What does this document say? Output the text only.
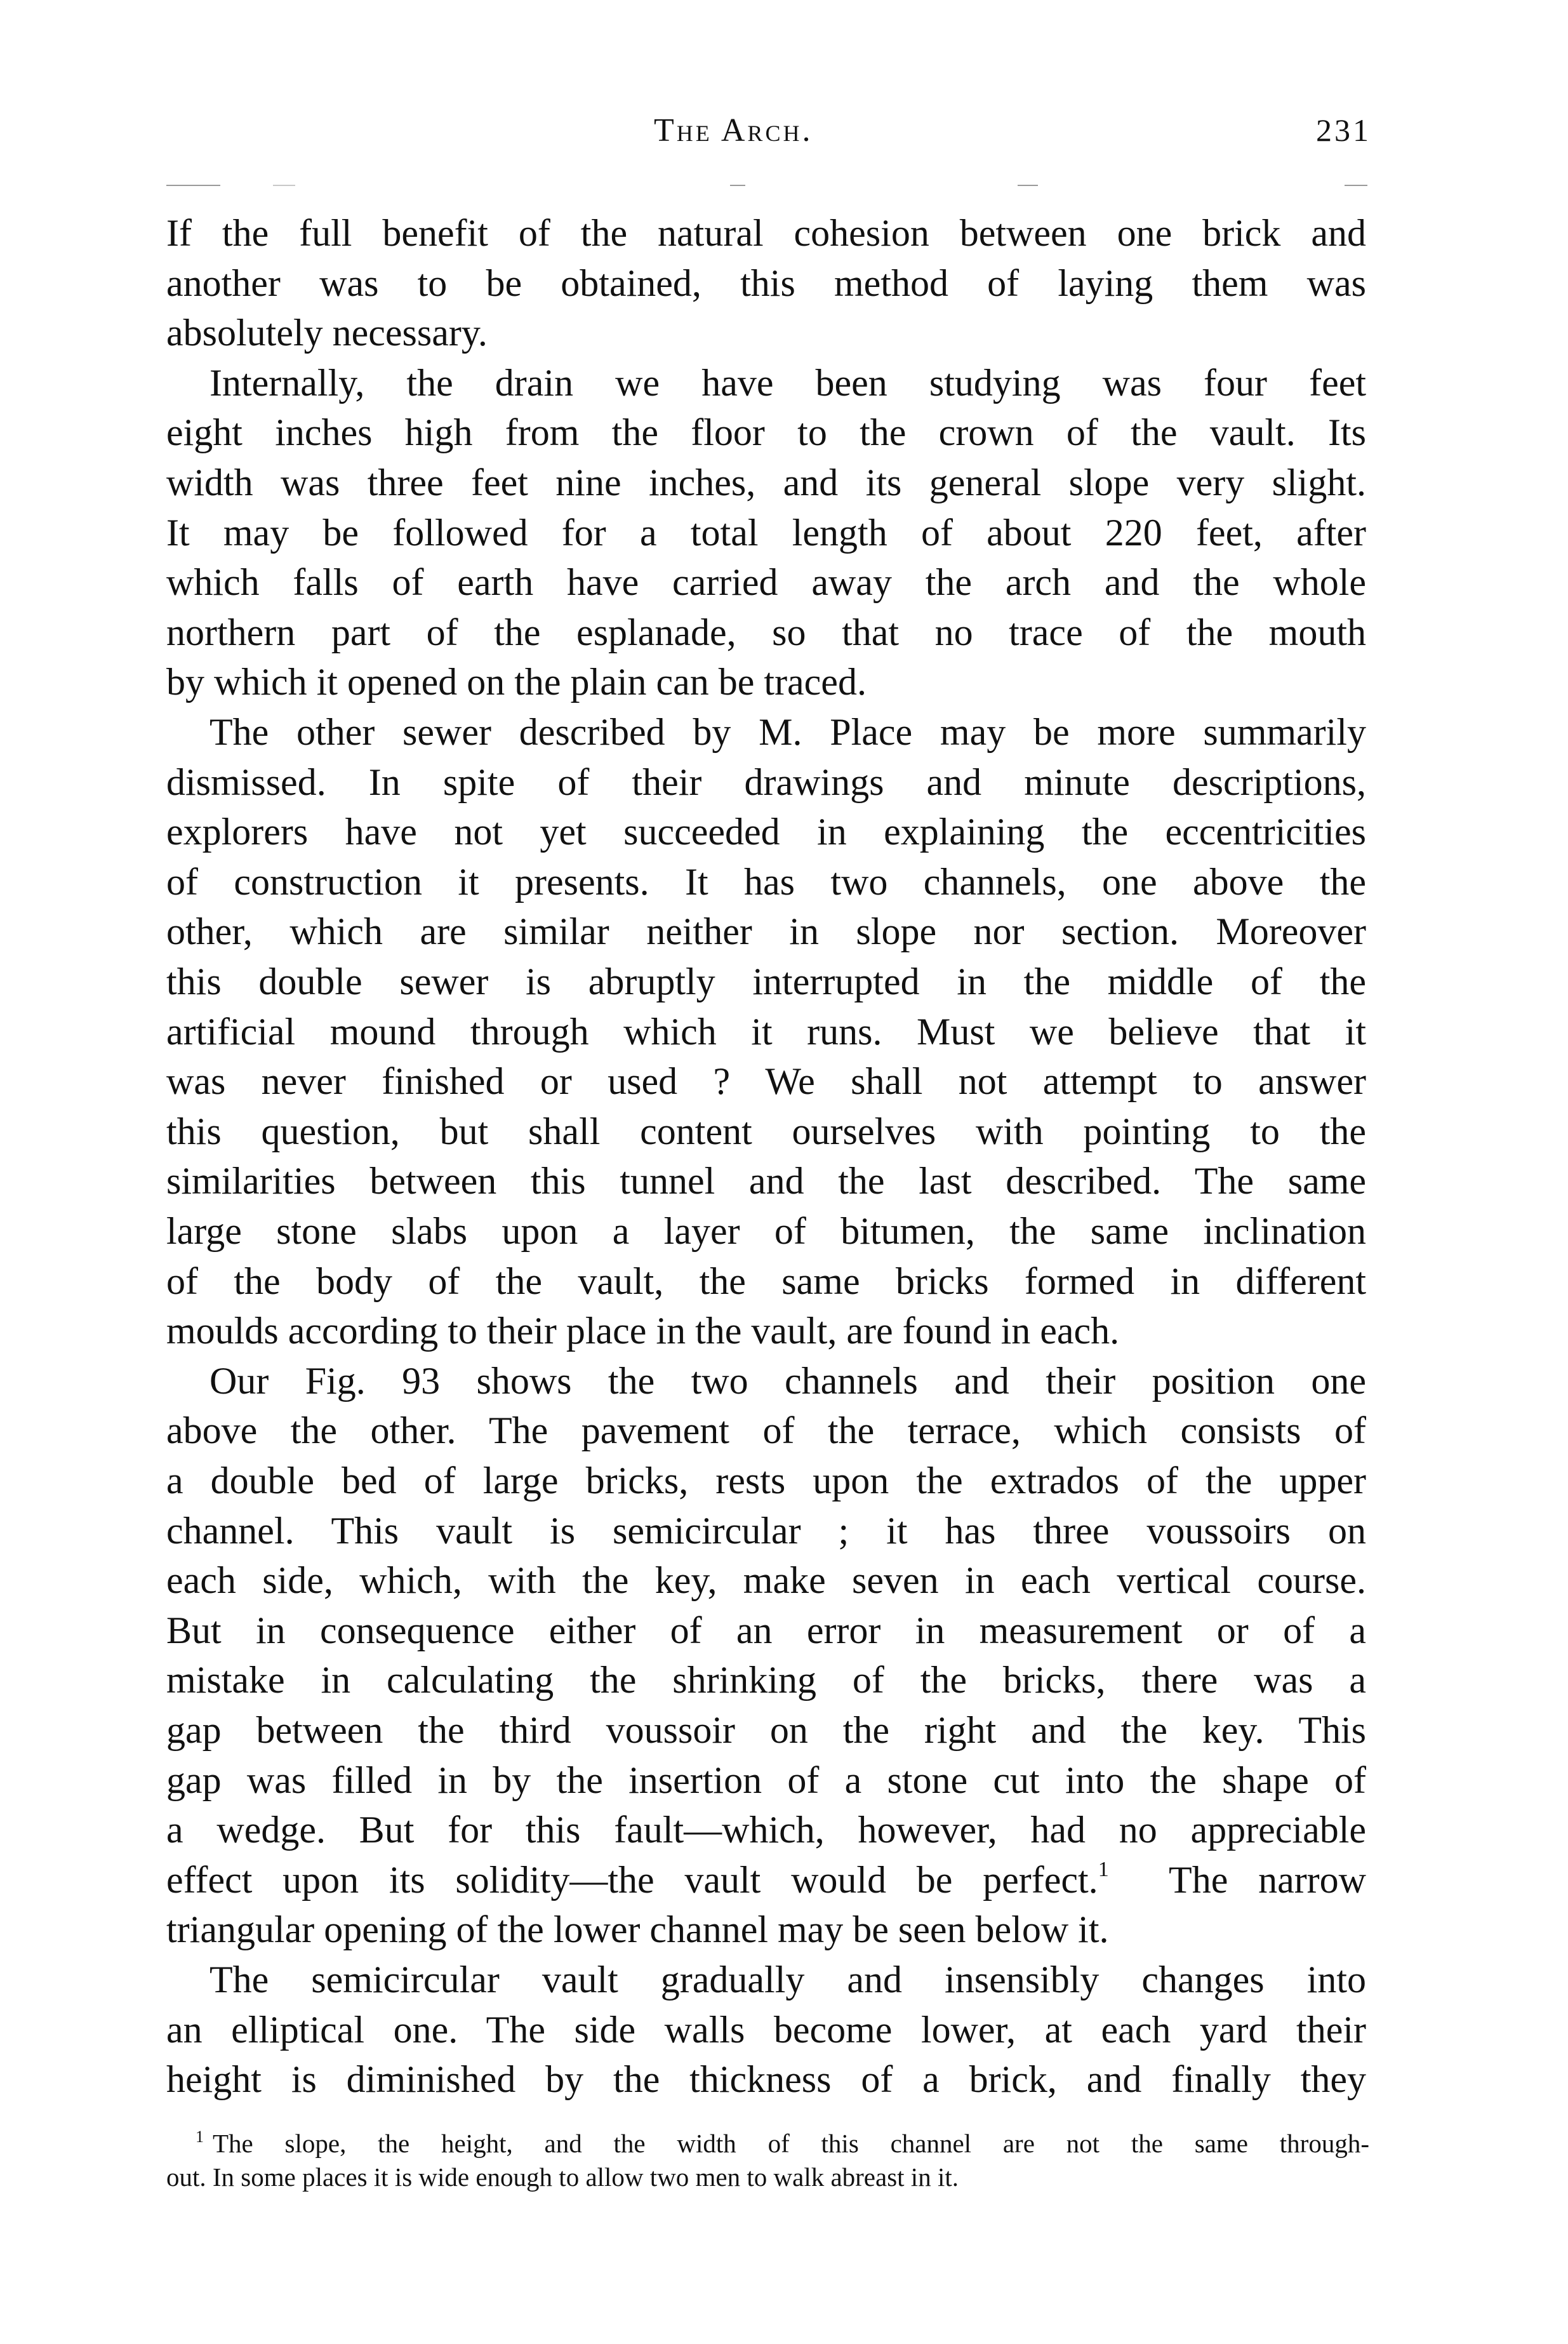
The Arch.	231
If the full benefit of the natural cohesion between one brick and
another was to be obtained, this method of laying them was
absolutely necessary.
Internally, the drain we have been studying was four feet
eight inches high from the floor to the crown of the vault. Its
width was three feet nine inches, and its general slope very slight.
It may be followed for a total length of about 220 feet, after
which falls of earth have carried away the arch and the whole
northern part of the esplanade, so that no trace of the mouth
by which it opened on the plain can be traced.
The other sewer described by M. Place may be more summarily
dismissed. In spite of their drawings and minute descriptions,
explorers have not yet succeeded in explaining the eccentricities
of construction it presents. It has two channels, one above the
other, which are similar neither in slope nor section. Moreover
this double sewer is abruptly interrupted in the middle of the
artificial mound through which it runs. Must we believe that it
was never finished or used ? We shall not attempt to answer
this question, but shall content ourselves with pointing to the
similarities between this tunnel and the last described. The same
large stone slabs upon a layer of bitumen, the same inclination
of the body of the vault, the same bricks formed in different
moulds according to their place in the vault, are found in each.
Our Fig. 93 shows the two channels and their position one
above the other. The pavement of the terrace, which consists of
a double bed of large bricks, rests upon the extrados of the upper
channel. This vault is semicircular ; it has three voussoirs on
each side, which, with the key, make seven in each vertical course.
But in consequence either of an error in measurement or of a
mistake in calculating the shrinking of the bricks, there was a
gap between the third voussoir on the right and the key. This
gap was filled in by the insertion of a stone cut into the shape of
a wedge. But for this fault—which, however, had no appreciable
effect upon its solidity—the vault would be perfect.$^1$  The narrow
triangular opening of the lower channel may be seen below it.
The semicircular vault gradually and insensibly changes into
an elliptical one. The side walls become lower, at each yard their
height is diminished by the thickness of a brick, and finally they
$^1$ The slope, the height, and the width of this channel are not the same through-
out. In some places it is wide enough to allow two men to walk abreast in it.
